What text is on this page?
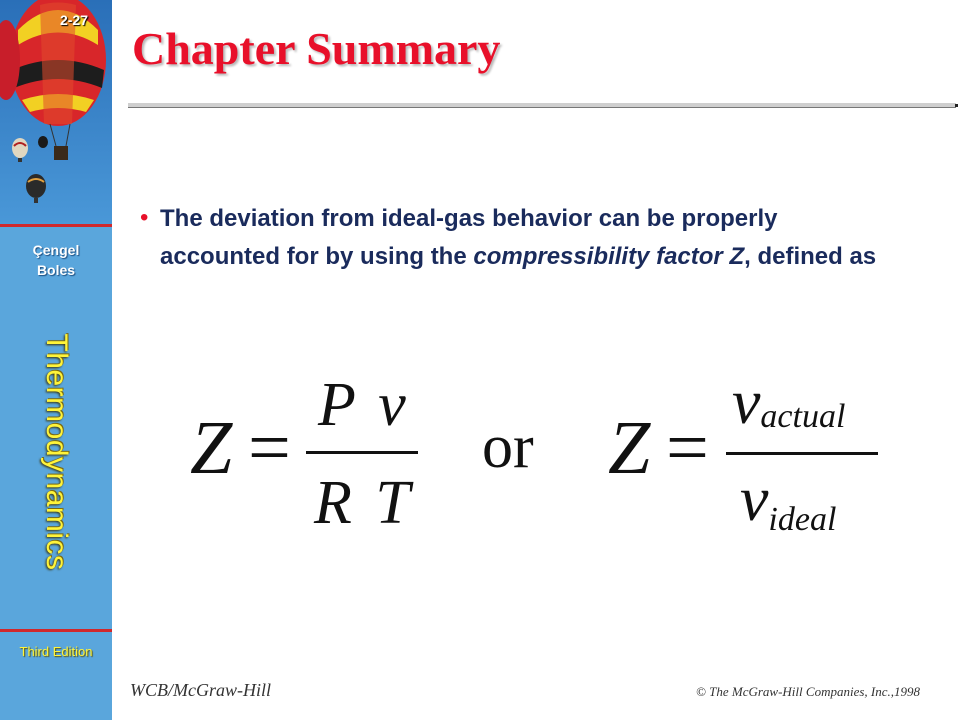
2-27
Çengel
Boles
Thermodynamics
Third Edition
Chapter Summary
• The deviation from ideal-gas behavior can be properly accounted for by using the compressibility factor Z, defined as
Z =
P v
R T
or Z =
vactual
videal
WCB/McGraw-Hill	© The McGraw-Hill Companies, Inc.,1998
